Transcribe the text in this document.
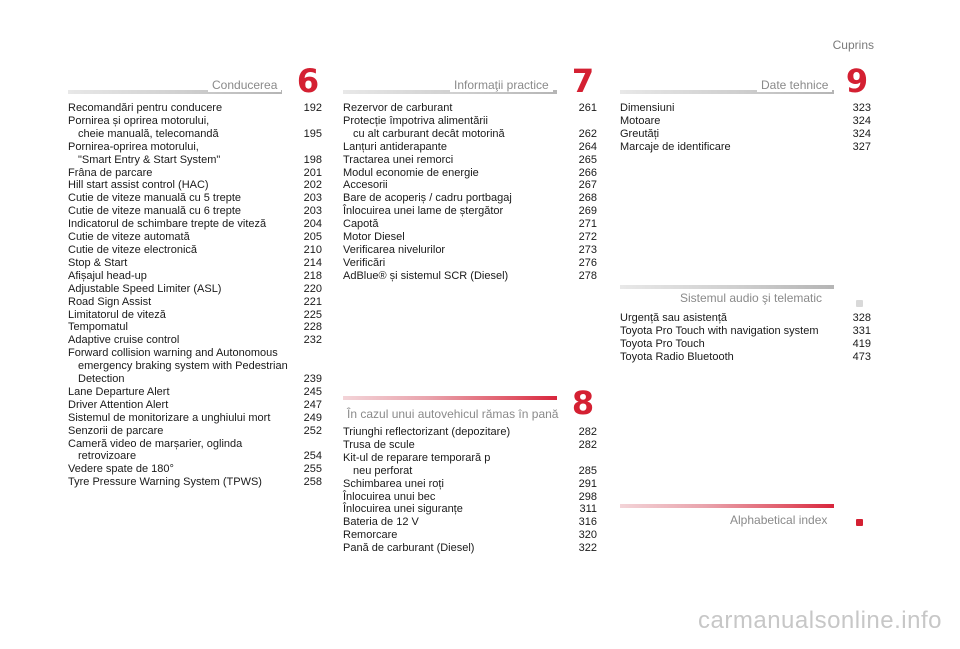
Cuprins
Conducerea 6
Recomandări pentru conducere	192
Pornirea și oprirea motorului,
cheie manuală, telecomandă	195
Pornirea-oprirea motorului,
"Smart Entry & Start System"	198
Frâna de parcare	201
Hill start assist control (HAC)	202
Cutie de viteze manuală cu 5 trepte	203
Cutie de viteze manuală cu 6 trepte	203
Indicatorul de schimbare trepte de viteză	204
Cutie de viteze automată	205
Cutie de viteze electronică	210
Stop & Start	214
Afișajul head-up	218
Adjustable Speed Limiter (ASL)	220
Road Sign Assist	221
Limitatorul de viteză	225
Tempomatul	228
Adaptive cruise control	232
Forward collision warning and Autonomous
emergency braking system with Pedestrian
Detection	239
Lane Departure Alert	245
Driver Attention Alert	247
Sistemul de monitorizare a unghiului mort	249
Senzorii de parcare	252
Cameră video de marșarier, oglinda
retrovizoare	254
Vedere spate de 180°	255
Tyre Pressure Warning System (TPWS)	258
Informaţii practice 7
Rezervor de carburant	261
Protecție împotriva alimentării
cu alt carburant decât motorină	262
Lanțuri antiderapante	264
Tractarea unei remorci	265
Modul economie de energie	266
Accesorii	267
Bare de acoperiș / cadru portbagaj	268
Înlocuirea unei lame de ștergător	269
Capotă	271
Motor Diesel	272
Verificarea nivelurilor	273
Verificări	276
AdBlue® și sistemul SCR (Diesel)	278
În cazul unui autovehicul rămas în pană 8
Triunghi reflectorizant (depozitare)	282
Trusa de scule	282
Kit-ul de reparare temporară p
neu perforat	285
Schimbarea unei roți	291
Înlocuirea unui bec	298
Înlocuirea unei siguranțe	311
Bateria de 12 V	316
Remorcare	320
Pană de carburant (Diesel)	322
Date tehnice 9
Dimensiuni	323
Motoare	324
Greutăți	324
Marcaje de identificare	327
Sistemul audio şi telematic
Urgență sau asistență	328
Toyota Pro Touch with navigation system	331
Toyota Pro Touch	419
Toyota Radio Bluetooth	473
Alphabetical index
carmanualsonline.info
